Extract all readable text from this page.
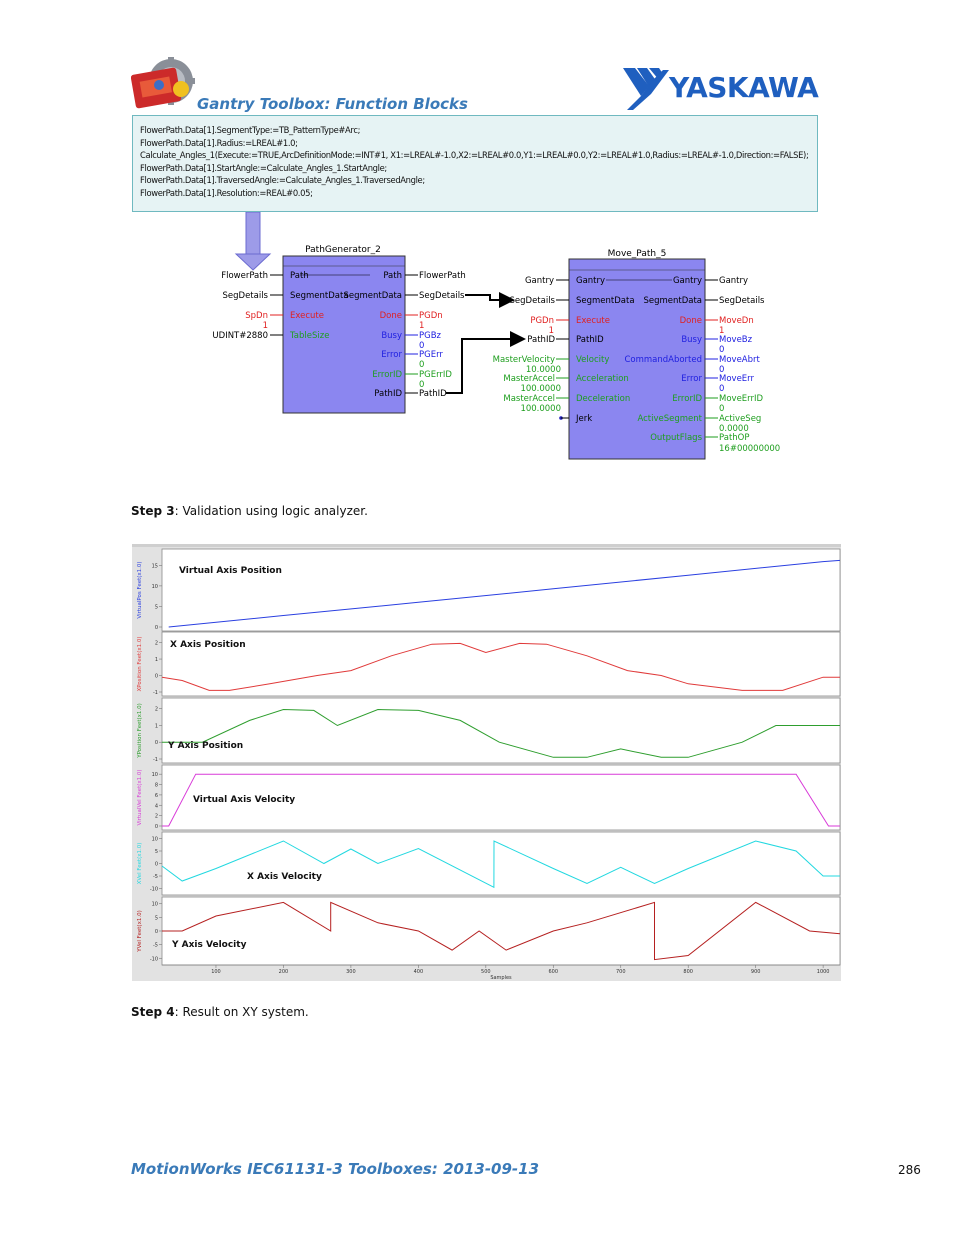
Gantry Toolbox: Function Blocks	YASKAWA
FlowerPath.Data[1].SegmentType:=TB_PatternType#Arc;
FlowerPath.Data[1].Radius:=LREAL#1.0;
Calculate_Angles_1(Execute:=TRUE,ArcDefinitionMode:=INT#1, X1:=LREAL#-1.0,X2:=LREAL#0.0,Y1:=LREAL#0.0,Y2:=LREAL#1.0,Radius:=LREAL#-1.0,Direction:=FALSE);
FlowerPath.Data[1].StartAngle:=Calculate_Angles_1.StartAngle;
FlowerPath.Data[1].TraversedAngle:=Calculate_Angles_1.TraversedAngle;
FlowerPath.Data[1].Resolution:=REAL#0.05;
PathGenerator_2	Move_Path_5
FlowerPath	Path
SegDetails	SegmentData
SpDn
1
Execute
UDINT#2880	TableSize
Path FlowerPath
SegmentData SegDetails
Done PGDn
1
Busy PGBz
0
Error PGErr
0
ErrorID PGErrID
0
PathID PathID
Gantry	Gantry
SegDetails SegmentData
PGDn
1
Execute
PathID PathID
MasterVelocity
10.0000
Velocity
MasterAccel
100.0000
Acceleration
MasterAccel
100.0000
Deceleration
Jerk
Gantry Gantry
SegmentData SegDetails
Done MoveDn
1
Busy MoveBz
0
CommandAborted MoveAbrt
0
Error MoveErr
0
ErrorID MoveErrID
0
ActiveSegment ActiveSeg
0.0000
OutputFlags PathOP
16#00000000
Step 3: Validation using logic analyzer.
0
5
10
15
VirtualPos Feet(x1.0)	Virtual Axis Position
-1
0
1
2
XPosition Feet(x1.0)	X Axis Position
-1
0
1
2
YPosition Feet(x1.0)	Y Axis Position
0
2
4
6
8
10
VirtualVel Feet(x1.0)	Virtual Axis Velocity
-10
-5
0
5
10
XVel Feet(x1.0)	X Axis Velocity
-10
-5
0
5
10
YVel Feet(x1.0)	Y Axis Velocity
100	200	300	400	500	600	700	800	900	1000
Samples
Step 4: Result on XY system.
MotionWorks IEC61131-3 Toolboxes: 2013-09-13	286
